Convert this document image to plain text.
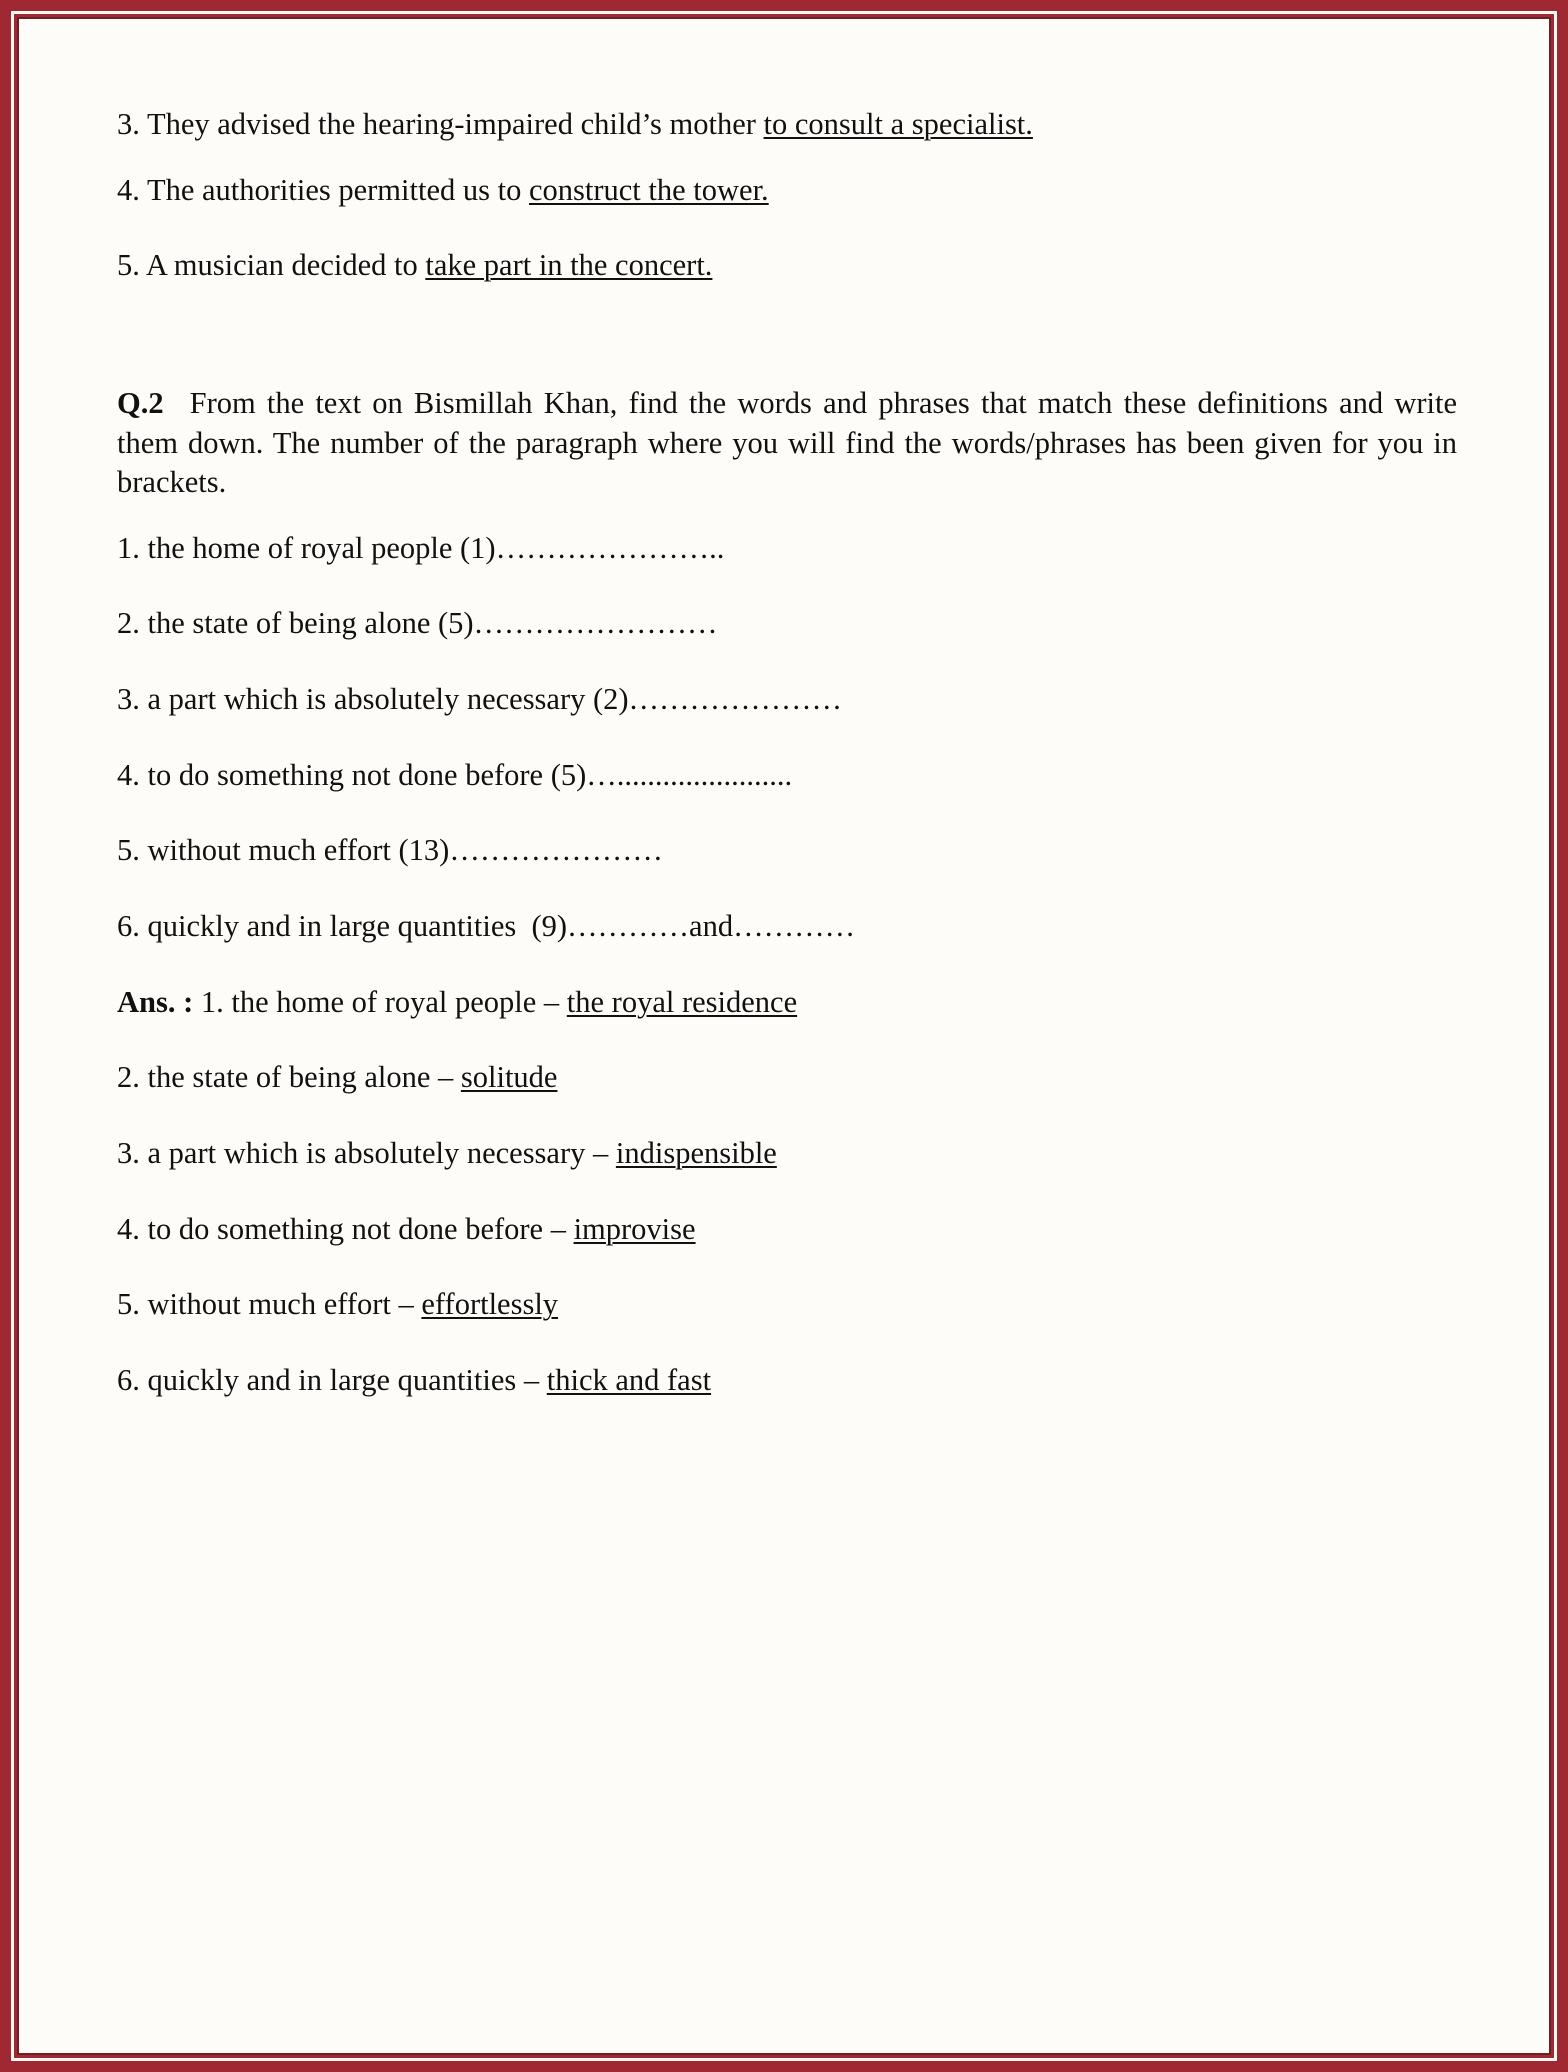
3. They advised the hearing-impaired child’s mother to consult a specialist.

4. The authorities permitted us to construct the tower.

5. A musician decided to take part in the concert.

Q.2 From the text on Bismillah Khan, find the words and phrases that match these definitions and write them down. The number of the paragraph where you will find the words/phrases has been given for you in brackets.

1. the home of royal people (1)…………………..

2. the state of being alone (5)……………………

3. a part which is absolutely necessary (2)…………………

4. to do something not done before (5)….......................

5. without much effort (13)…………………

6. quickly and in large quantities  (9)…………and…………

Ans. : 1. the home of royal people – the royal residence

2. the state of being alone – solitude

3. a part which is absolutely necessary – indispensible

4. to do something not done before – improvise

5. without much effort – effortlessly

6. quickly and in large quantities – thick and fast
